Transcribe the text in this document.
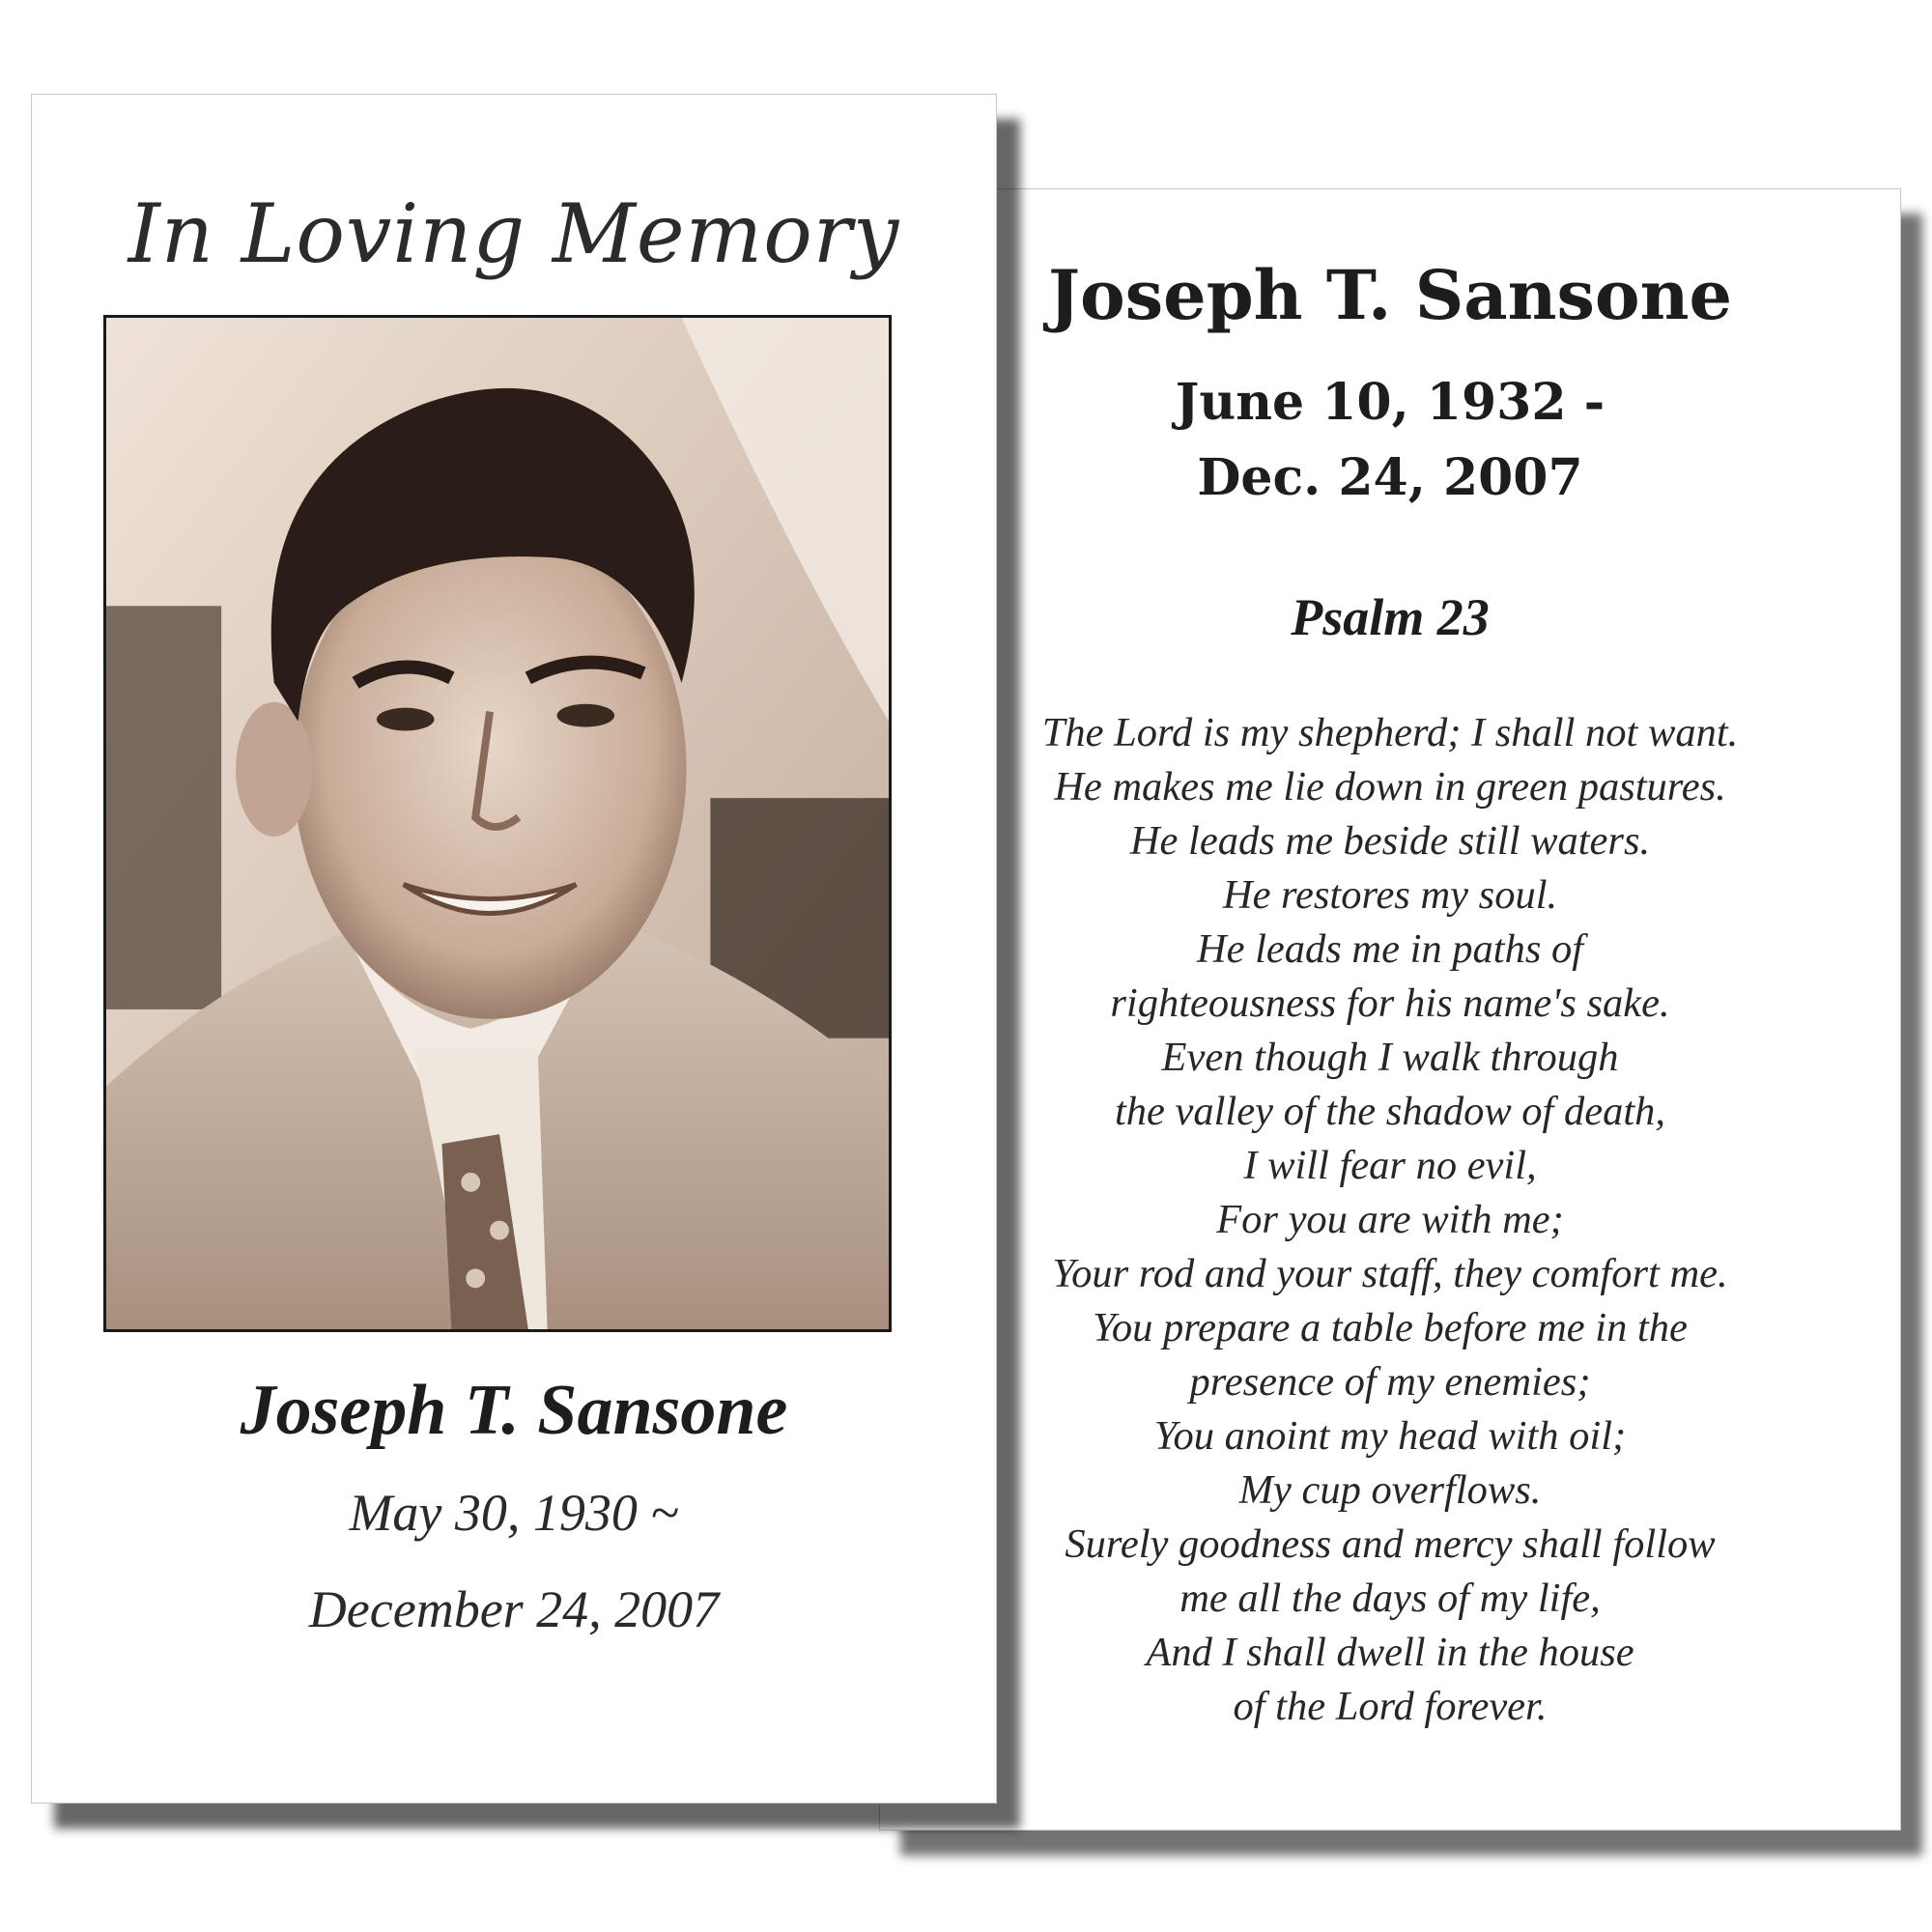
Joseph T. Sansone
June 10, 1932 -
Dec. 24, 2007
Psalm 23
The Lord is my shepherd; I shall not want.
He makes me lie down in green pastures.
He leads me beside still waters.
He restores my soul.
He leads me in paths of
righteousness for his name's sake.
Even though I walk through
the valley of the shadow of death,
I will fear no evil,
For you are with me;
Your rod and your staff, they comfort me.
You prepare a table before me in the
presence of my enemies;
You anoint my head with oil;
My cup overflows.
Surely goodness and mercy shall follow
me all the days of my life,
And I shall dwell in the house
of the Lord forever.
In Loving Memory
Joseph T. Sansone
May 30, 1930 ~
December 24, 2007
